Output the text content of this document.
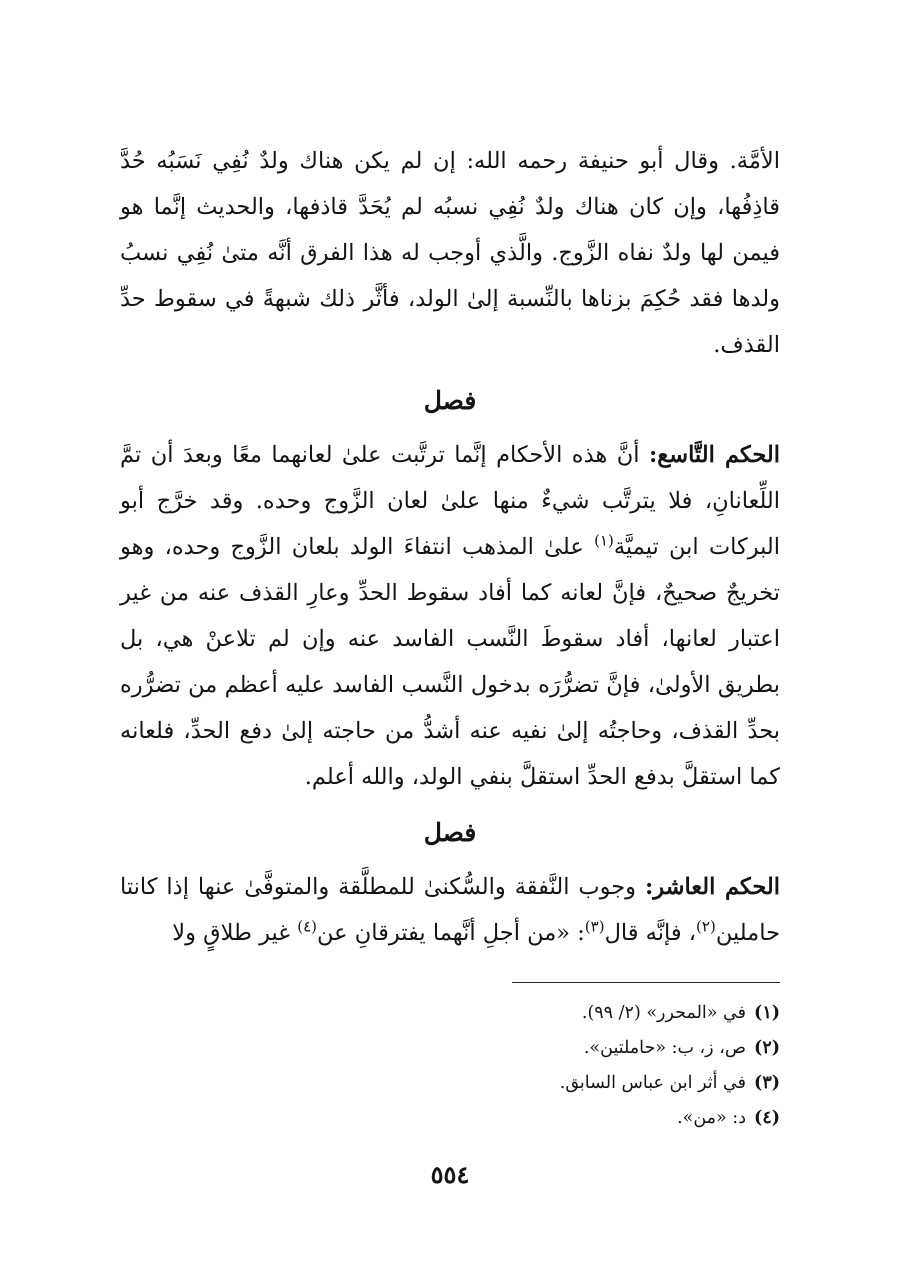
الأمَّة. وقال أبو حنيفة رحمه الله: إن لم يكن هناك ولدٌ نُفِي نَسَبُه حُدَّ قاذِفُها، وإن كان هناك ولدٌ نُفِي نسبُه لم يُحَدَّ قاذفها، والحديث إنَّما هو فيمن لها ولدٌ نفاه الزَّوج. والَّذي أوجب له هذا الفرق أنَّه متىٰ نُفِي نسبُ ولدها فقد حُكِمَ بزناها بالنِّسبة إلىٰ الولد، فأثَّر ذلك شبهةً في سقوط حدِّ القذف.

فصل

الحكم التَّاسع: أنَّ هذه الأحكام إنَّما ترتَّبت علىٰ لعانهما معًا وبعدَ أن تمَّ اللِّعانانِ، فلا يترتَّب شيءٌ منها علىٰ لعان الزَّوج وحده. وقد خرَّج أبو البركات ابن تيميَّة$^{(١)}$ علىٰ المذهب انتفاءَ الولد بلعان الزَّوج وحده، وهو تخريجٌ صحيحٌ، فإنَّ لعانه كما أفاد سقوط الحدِّ وعارِ القذف عنه من غير اعتبار لعانها، أفاد سقوطَ النَّسب الفاسد عنه وإن لم تلاعنْ هي، بل بطريق الأولىٰ، فإنَّ تضرُّرَه بدخول النَّسب الفاسد عليه أعظم من تضرُّره بحدِّ القذف، وحاجتُه إلىٰ نفيه عنه أشدُّ من حاجته إلىٰ دفع الحدِّ، فلعانه كما استقلَّ بدفع الحدِّ استقلَّ بنفي الولد، والله أعلم.

فصل

الحكم العاشر: وجوب النَّفقة والسُّكنىٰ للمطلَّقة والمتوفَّىٰ عنها إذا كانتا حاملين$^{(٢)}$، فإنَّه قال$^{(٣)}$: «من أجلِ أنَّهما يفترقانِ عن$^{(٤)}$ غير طلاقٍ ولا

(١)في «المحرر» (٢/ ٩٩).
(٢)ص، ز، ب: «حاملتين».
(٣)في أثر ابن عباس السابق.
(٤)د: «من».
٥٥٤
